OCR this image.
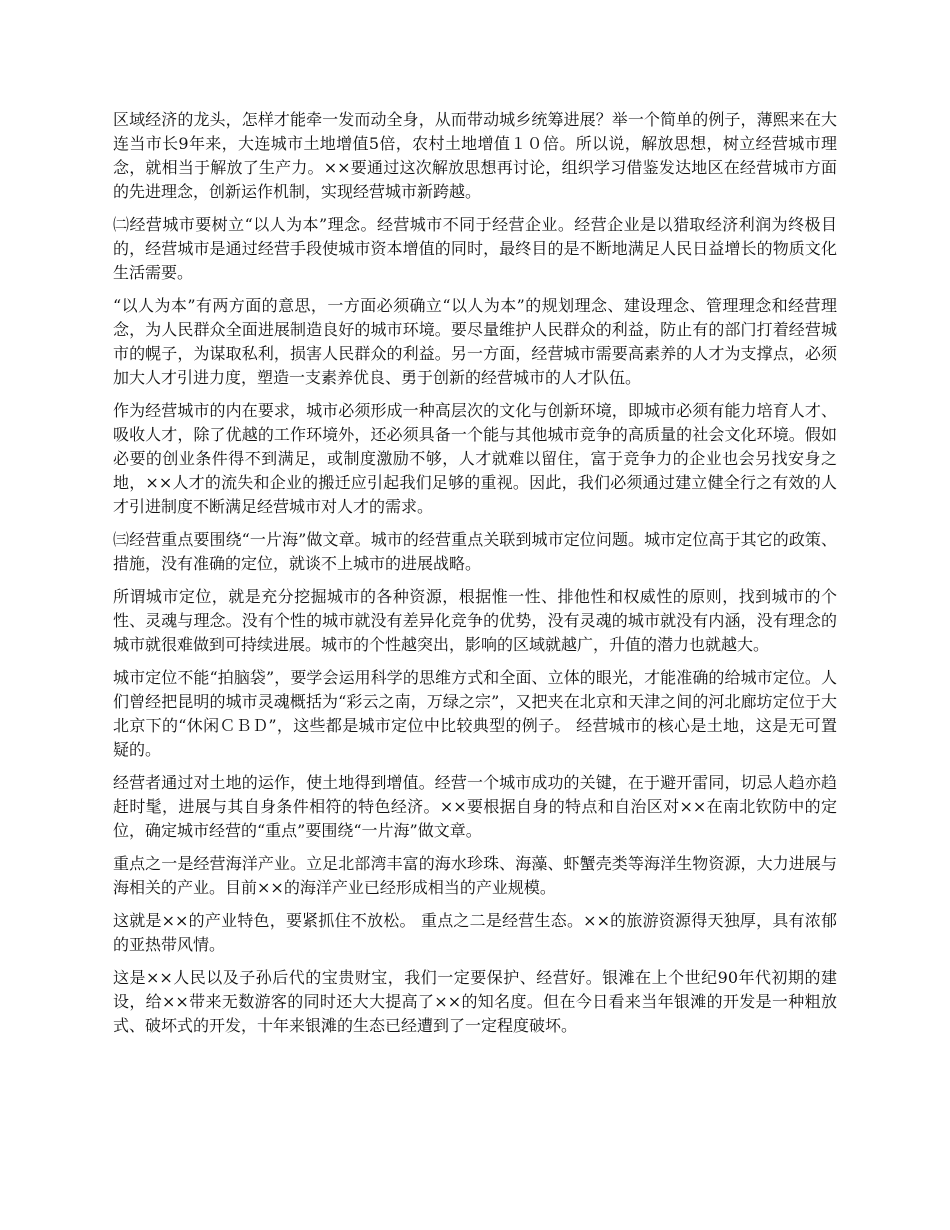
区域经济的龙头，怎样才能牵一发而动全身，从而带动城乡统筹进展？举一个简单的例子，薄熙来在大连当市长9年来，大连城市土地增值5倍，农村土地增值１０倍。所以说，解放思想，树立经营城市理念，就相当于解放了生产力。××要通过这次解放思想再讨论，组织学习借鉴发达地区在经营城市方面的先进理念，创新运作机制，实现经营城市新跨越。

㈡经营城市要树立“以人为本”理念。经营城市不同于经营企业。经营企业是以猎取经济利润为终极目的，经营城市是通过经营手段使城市资本增值的同时，最终目的是不断地满足人民日益增长的物质文化生活需要。

“以人为本”有两方面的意思，一方面必须确立“以人为本”的规划理念、建设理念、管理理念和经营理念，为人民群众全面进展制造良好的城市环境。要尽量维护人民群众的利益，防止有的部门打着经营城市的幌子，为谋取私利，损害人民群众的利益。另一方面，经营城市需要高素养的人才为支撑点，必须加大人才引进力度，塑造一支素养优良、勇于创新的经营城市的人才队伍。

作为经营城市的内在要求，城市必须形成一种高层次的文化与创新环境，即城市必须有能力培育人才、吸收人才，除了优越的工作环境外，还必须具备一个能与其他城市竞争的高质量的社会文化环境。假如必要的创业条件得不到满足，或制度激励不够，人才就难以留住，富于竞争力的企业也会另找安身之地，××人才的流失和企业的搬迁应引起我们足够的重视。因此，我们必须通过建立健全行之有效的人才引进制度不断满足经营城市对人才的需求。

㈢经营重点要围绕“一片海”做文章。城市的经营重点关联到城市定位问题。城市定位高于其它的政策、措施，没有准确的定位，就谈不上城市的进展战略。

所谓城市定位，就是充分挖掘城市的各种资源，根据惟一性、排他性和权威性的原则，找到城市的个性、灵魂与理念。没有个性的城市就没有差异化竞争的优势，没有灵魂的城市就没有内涵，没有理念的城市就很难做到可持续进展。城市的个性越突出，影响的区域就越广，升值的潜力也就越大。

城市定位不能“拍脑袋”，要学会运用科学的思维方式和全面、立体的眼光，才能准确的给城市定位。人们曾经把昆明的城市灵魂概括为“彩云之南，万绿之宗”，又把夹在北京和天津之间的河北廊坊定位于大北京下的“休闲ＣＢＤ”，这些都是城市定位中比较典型的例子。 经营城市的核心是土地，这是无可置疑的。

经营者通过对土地的运作，使土地得到增值。经营一个城市成功的关键，在于避开雷同，切忌人趋亦趋赶时髦，进展与其自身条件相符的特色经济。××要根据自身的特点和自治区对××在南北钦防中的定位，确定城市经营的“重点”要围绕“一片海”做文章。

重点之一是经营海洋产业。立足北部湾丰富的海水珍珠、海藻、虾蟹壳类等海洋生物资源，大力进展与海相关的产业。目前××的海洋产业已经形成相当的产业规模。

这就是××的产业特色，要紧抓住不放松。 重点之二是经营生态。××的旅游资源得天独厚，具有浓郁的亚热带风情。

这是××人民以及子孙后代的宝贵财宝，我们一定要保护、经营好。银滩在上个世纪90年代初期的建设，给××带来无数游客的同时还大大提高了××的知名度。但在今日看来当年银滩的开发是一种粗放式、破坏式的开发，十年来银滩的生态已经遭到了一定程度破坏。
